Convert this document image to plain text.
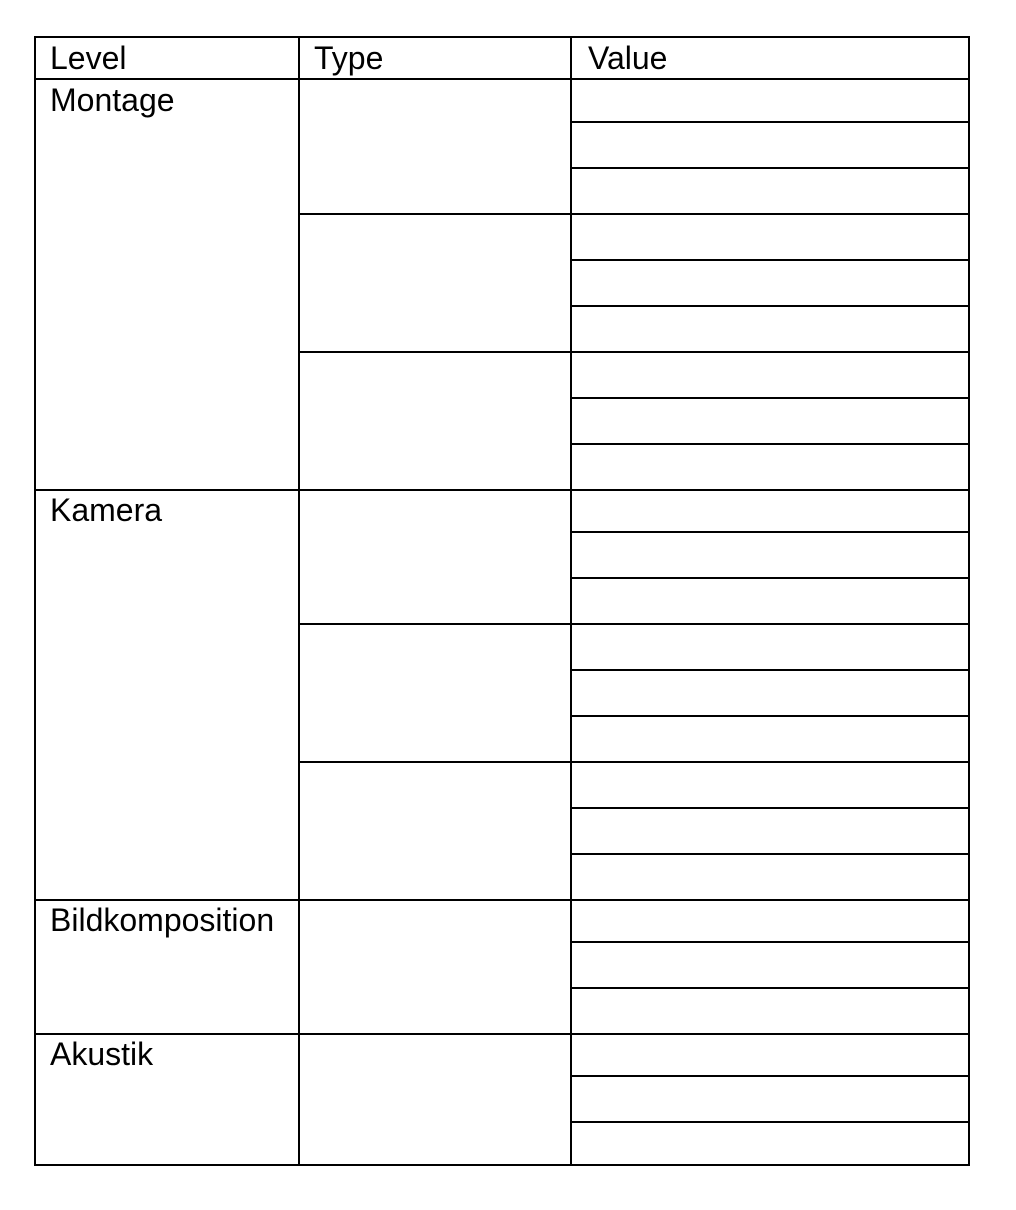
Level	Type	Value
Montage
Kamera
Bildkomposition
Akustik
